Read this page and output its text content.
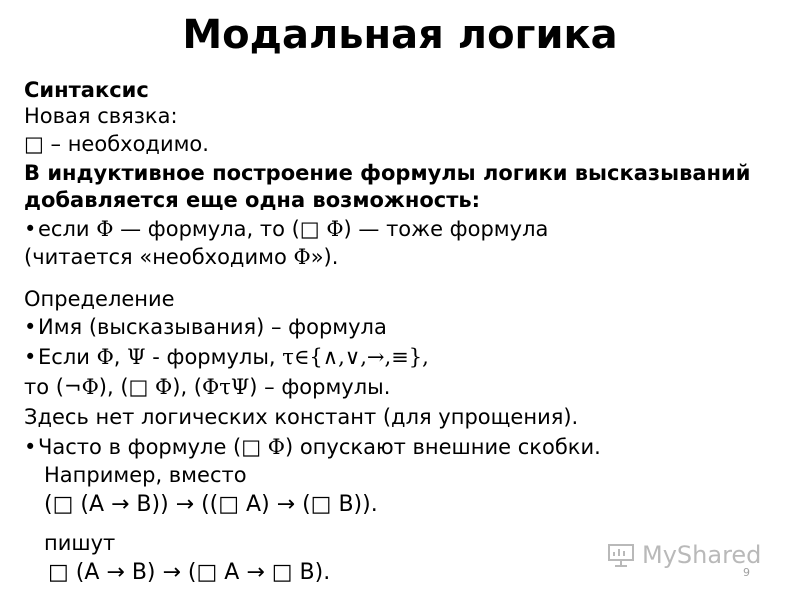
Модальная логика
Синтаксис
Новая связка:
□ – необходимо.
В индуктивное построение формулы логики высказываний
добавляется еще одна возможность:
•если Φ — формула, то (□ Φ) — тоже формула
(читается «необходимо Φ»).
Определение
•Имя (высказывания) – формула
•Если Φ, Ψ - формулы, τ∈{∧,∨,→,≡},
то (¬Φ), (□ Φ), (ΦτΨ) – формулы.
Здесь нет логических констант (для упрощения).
•Часто в формуле (□ Φ) опускают внешние скобки.
Например, вместо
(□ (A → B)) → ((□ A) → (□ B)).
пишут
□ (A → B) → (□ A → □ B).
MyShared
9
